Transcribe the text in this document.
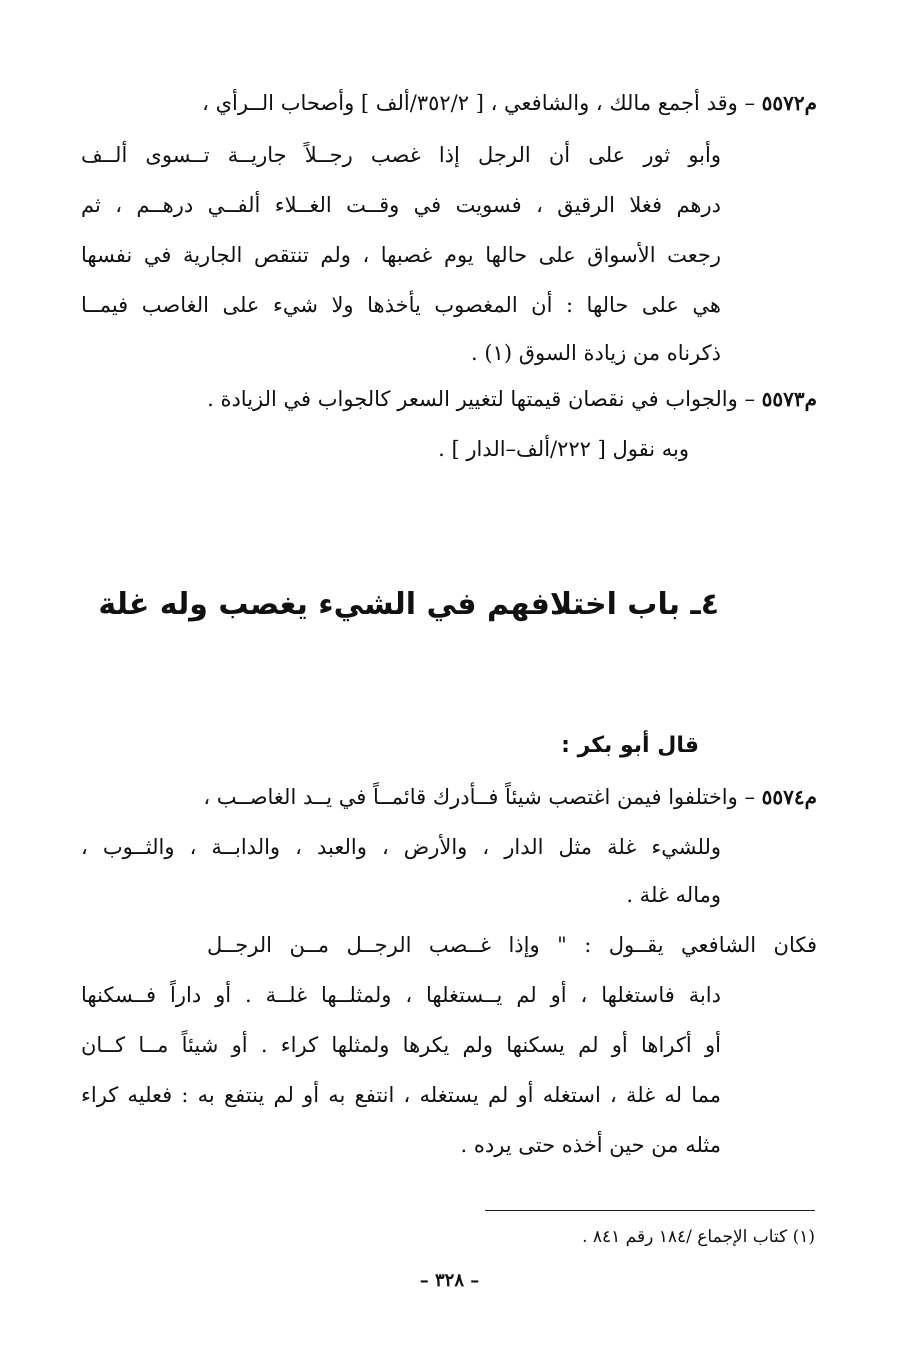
م٥٥٧٢ – وقد أجمع مالك ، والشافعي ، [ ٣٥٢/٢/ألف ] وأصحاب الــرأي ،
وأبو ثور على أن الرجل إذا غصب رجــلاً جاريــة تــسوى ألــف
درهم فغلا الرقيق ، فسويت في وقــت الغــلاء ألفــي درهــم ، ثم
رجعت الأسواق على حالها يوم غصبها ، ولم تنتقص الجارية في نفسها
هي على حالها : أن المغصوب يأخذها ولا شيء على الغاصب فيمــا
ذكرناه من زيادة السوق (١) .
م٥٥٧٣ – والجواب في نقصان قيمتها لتغيير السعر كالجواب في الزيادة .
وبه نقول [ ٢٢٢/ألف–الدار ] .
٤ـ باب اختلافهم في الشيء يغصب وله غلة
قال أبو بكر :
م٥٥٧٤ – واختلفوا فيمن اغتصب شيئاً فــأدرك قائمــاً في يــد الغاصــب ،
وللشيء غلة مثل الدار ، والأرض ، والعبد ، والدابــة ، والثــوب ،
وماله غلة .
فكان الشافعي يقــول : " وإذا غــصب الرجــل مــن الرجــل
دابة فاستغلها ، أو لم يــستغلها ، ولمثلــها غلــة . أو داراً فــسكنها
أو أكراها أو لم يسكنها ولم يكرها ولمثلها كراء . أو شيئاً مــا كــان
مما له غلة ، استغله أو لم يستغله ، انتفع به أو لم ينتفع به : فعليه كراء
مثله من حين أخذه حتى يرده .
(١) كتاب الإجماع /١٨٤ رقم ٨٤١ .
– ٣٢٨ –
